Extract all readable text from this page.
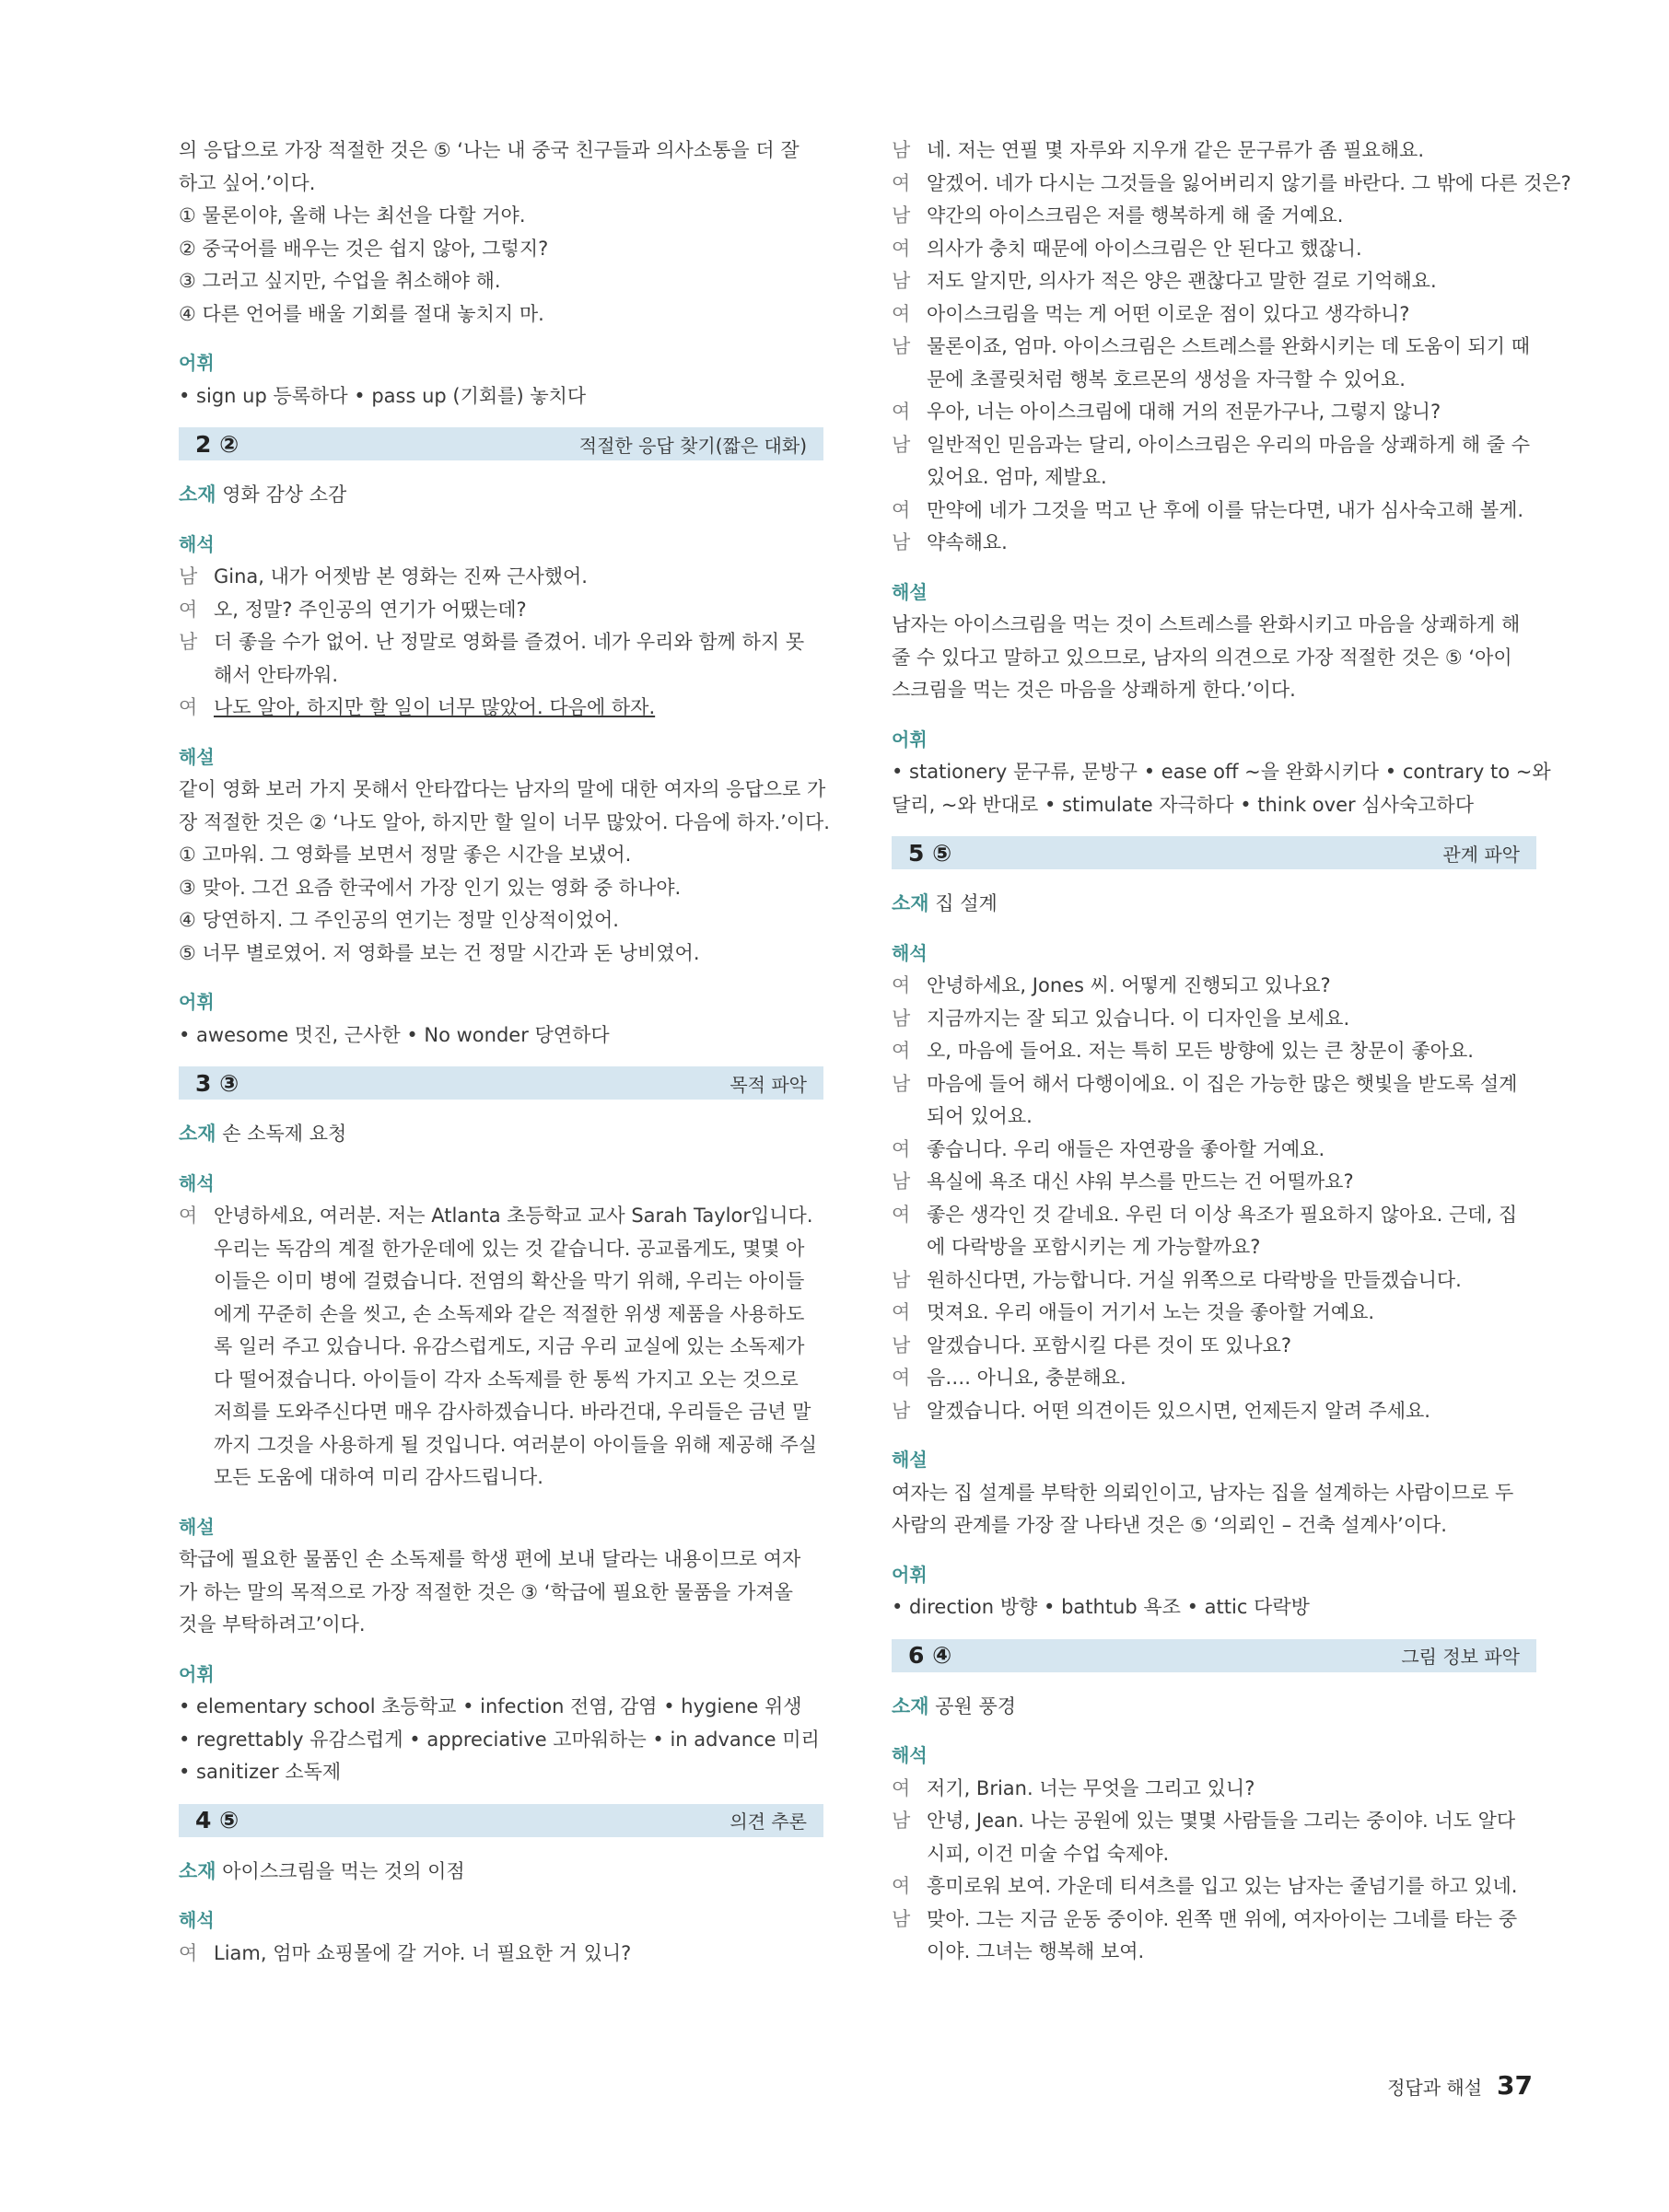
의 응답으로 가장 적절한 것은 ⑤ ‘나는 내 중국 친구들과 의사소통을 더 잘
하고 싶어.’이다.
① 물론이야, 올해 나는 최선을 다할 거야.
② 중국어를 배우는 것은 쉽지 않아, 그렇지?
③ 그러고 싶지만, 수업을 취소해야 해.
④ 다른 언어를 배울 기회를 절대 놓치지 마.
어휘
• sign up 등록하다 • pass up (기회를) 놓치다
2 ②	적절한 응답 찾기(짧은 대화)
소재 영화 감상 소감
해석
남 Gina, 내가 어젯밤 본 영화는 진짜 근사했어.
여 오, 정말? 주인공의 연기가 어땠는데?
남 더 좋을 수가 없어. 난 정말로 영화를 즐겼어. 네가 우리와 함께 하지 못
해서 안타까워.
여 나도 알아, 하지만 할 일이 너무 많았어. 다음에 하자.
해설
같이 영화 보러 가지 못해서 안타깝다는 남자의 말에 대한 여자의 응답으로 가
장 적절한 것은 ② ‘나도 알아, 하지만 할 일이 너무 많았어. 다음에 하자.’이다.
① 고마워. 그 영화를 보면서 정말 좋은 시간을 보냈어.
③ 맞아. 그건 요즘 한국에서 가장 인기 있는 영화 중 하나야.
④ 당연하지. 그 주인공의 연기는 정말 인상적이었어.
⑤ 너무 별로였어. 저 영화를 보는 건 정말 시간과 돈 낭비였어.
어휘
• awesome 멋진, 근사한 • No wonder 당연하다
3 ③	목적 파악
소재 손 소독제 요청
해석
여 안녕하세요, 여러분. 저는 Atlanta 초등학교 교사 Sarah Taylor입니다.
우리는 독감의 계절 한가운데에 있는 것 같습니다. 공교롭게도, 몇몇 아
이들은 이미 병에 걸렸습니다. 전염의 확산을 막기 위해, 우리는 아이들
에게 꾸준히 손을 씻고, 손 소독제와 같은 적절한 위생 제품을 사용하도
록 일러 주고 있습니다. 유감스럽게도, 지금 우리 교실에 있는 소독제가
다 떨어졌습니다. 아이들이 각자 소독제를 한 통씩 가지고 오는 것으로
저희를 도와주신다면 매우 감사하겠습니다. 바라건대, 우리들은 금년 말
까지 그것을 사용하게 될 것입니다. 여러분이 아이들을 위해 제공해 주실
모든 도움에 대하여 미리 감사드립니다.
해설
학급에 필요한 물품인 손 소독제를 학생 편에 보내 달라는 내용이므로 여자
가 하는 말의 목적으로 가장 적절한 것은 ③ ‘학급에 필요한 물품을 가져올
것을 부탁하려고’이다.
어휘
• elementary school 초등학교 • infection 전염, 감염 • hygiene 위생
• regrettably 유감스럽게 • appreciative 고마워하는 • in advance 미리
• sanitizer 소독제
4 ⑤	의견 추론
소재 아이스크림을 먹는 것의 이점
해석
여 Liam, 엄마 쇼핑몰에 갈 거야. 너 필요한 거 있니?
남 네. 저는 연필 몇 자루와 지우개 같은 문구류가 좀 필요해요.
여 알겠어. 네가 다시는 그것들을 잃어버리지 않기를 바란다. 그 밖에 다른 것은?
남 약간의 아이스크림은 저를 행복하게 해 줄 거예요.
여 의사가 충치 때문에 아이스크림은 안 된다고 했잖니.
남 저도 알지만, 의사가 적은 양은 괜찮다고 말한 걸로 기억해요.
여 아이스크림을 먹는 게 어떤 이로운 점이 있다고 생각하니?
남 물론이죠, 엄마. 아이스크림은 스트레스를 완화시키는 데 도움이 되기 때
문에 초콜릿처럼 행복 호르몬의 생성을 자극할 수 있어요.
여 우아, 너는 아이스크림에 대해 거의 전문가구나, 그렇지 않니?
남 일반적인 믿음과는 달리, 아이스크림은 우리의 마음을 상쾌하게 해 줄 수
있어요. 엄마, 제발요.
여 만약에 네가 그것을 먹고 난 후에 이를 닦는다면, 내가 심사숙고해 볼게.
남 약속해요.
해설
남자는 아이스크림을 먹는 것이 스트레스를 완화시키고 마음을 상쾌하게 해
줄 수 있다고 말하고 있으므로, 남자의 의견으로 가장 적절한 것은 ⑤ ‘아이
스크림을 먹는 것은 마음을 상쾌하게 한다.’이다.
어휘
• stationery 문구류, 문방구 • ease off ~을 완화시키다 • contrary to ~와
달리, ~와 반대로 • stimulate 자극하다 • think over 심사숙고하다
5 ⑤	관계 파악
소재 집 설계
해석
여 안녕하세요, Jones 씨. 어떻게 진행되고 있나요?
남 지금까지는 잘 되고 있습니다. 이 디자인을 보세요.
여 오, 마음에 들어요. 저는 특히 모든 방향에 있는 큰 창문이 좋아요.
남 마음에 들어 해서 다행이에요. 이 집은 가능한 많은 햇빛을 받도록 설계
되어 있어요.
여 좋습니다. 우리 애들은 자연광을 좋아할 거예요.
남 욕실에 욕조 대신 샤워 부스를 만드는 건 어떨까요?
여 좋은 생각인 것 같네요. 우린 더 이상 욕조가 필요하지 않아요. 근데, 집
에 다락방을 포함시키는 게 가능할까요?
남 원하신다면, 가능합니다. 거실 위쪽으로 다락방을 만들겠습니다.
여 멋져요. 우리 애들이 거기서 노는 것을 좋아할 거예요.
남 알겠습니다. 포함시킬 다른 것이 또 있나요?
여 음…. 아니요, 충분해요.
남 알겠습니다. 어떤 의견이든 있으시면, 언제든지 알려 주세요.
해설
여자는 집 설계를 부탁한 의뢰인이고, 남자는 집을 설계하는 사람이므로 두
사람의 관계를 가장 잘 나타낸 것은 ⑤ ‘의뢰인 – 건축 설계사’이다.
어휘
• direction 방향 • bathtub 욕조 • attic 다락방
6 ④	그림 정보 파악
소재 공원 풍경
해석
여 저기, Brian. 너는 무엇을 그리고 있니?
남 안녕, Jean. 나는 공원에 있는 몇몇 사람들을 그리는 중이야. 너도 알다
시피, 이건 미술 수업 숙제야.
여 흥미로워 보여. 가운데 티셔츠를 입고 있는 남자는 줄넘기를 하고 있네.
남 맞아. 그는 지금 운동 중이야. 왼쪽 맨 위에, 여자아이는 그네를 타는 중
이야. 그녀는 행복해 보여.
정답과 해설 37
